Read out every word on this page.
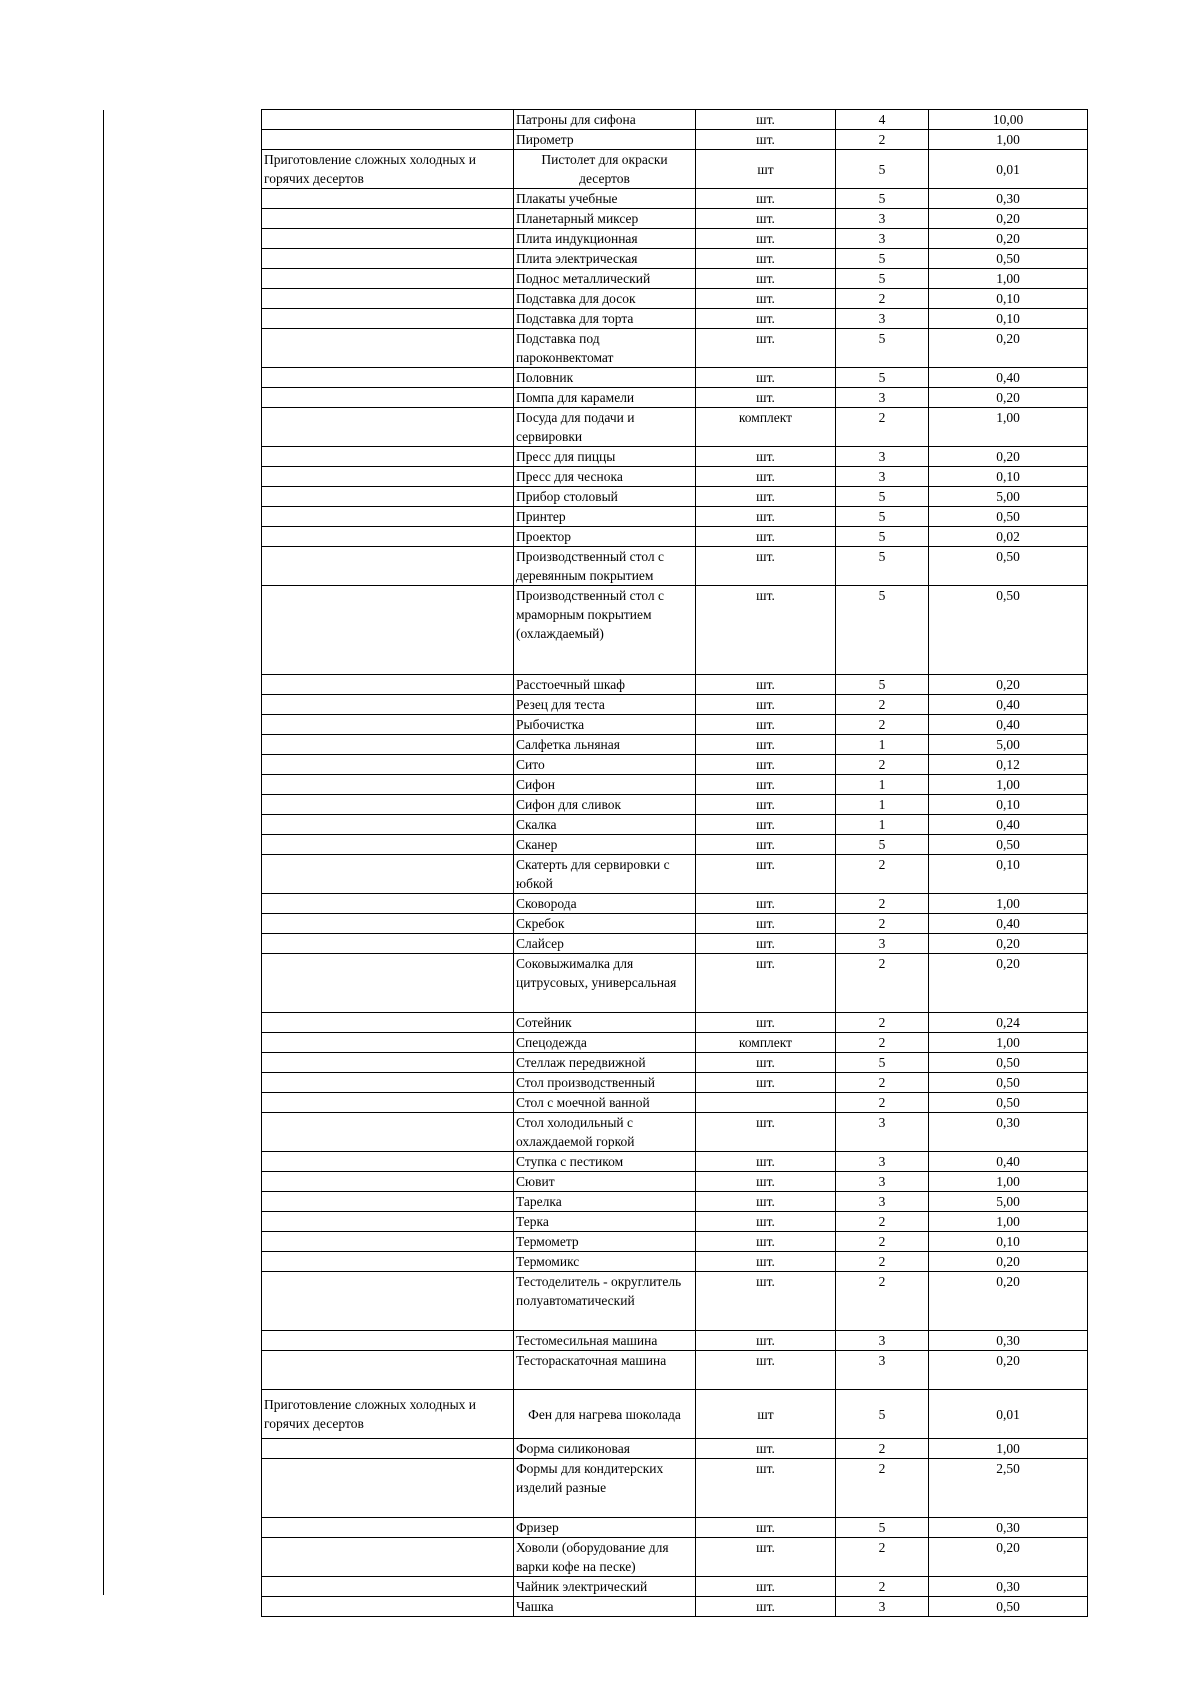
	Патроны для сифона	шт.	4	10,00
	Пирометр	шт.	2	1,00
Приготовление сложных холодных и горячих десертов	Пистолет для окраски десертов	шт	5	0,01
	Плакаты учебные	шт.	5	0,30
	Планетарный миксер	шт.	3	0,20
	Плита индукционная	шт.	3	0,20
	Плита электрическая	шт.	5	0,50
	Поднос металлический	шт.	5	1,00
	Подставка для досок	шт.	2	0,10
	Подставка для торта	шт.	3	0,10
	Подставка под пароконвектомат	шт.	5	0,20
	Половник	шт.	5	0,40
	Помпа для карамели	шт.	3	0,20
	Посуда для подачи и сервировки	комплект	2	1,00
	Пресс для пиццы	шт.	3	0,20
	Пресс для чеснока	шт.	3	0,10
	Прибор столовый	шт.	5	5,00
	Принтер	шт.	5	0,50
	Проектор	шт.	5	0,02
	Производственный стол с деревянным покрытием	шт.	5	0,50
	Производственный стол с мраморным покрытием (охлаждаемый)	шт.	5	0,50
	Расстоечный шкаф	шт.	5	0,20
	Резец для теста	шт.	2	0,40
	Рыбочистка	шт.	2	0,40
	Салфетка льняная	шт.	1	5,00
	Сито	шт.	2	0,12
	Сифон	шт.	1	1,00
	Сифон для сливок	шт.	1	0,10
	Скалка	шт.	1	0,40
	Сканер	шт.	5	0,50
	Скатерть для сервировки с юбкой	шт.	2	0,10
	Сковорода	шт.	2	1,00
	Скребок	шт.	2	0,40
	Слайсер	шт.	3	0,20
	Соковыжималка для цитрусовых, универсальная	шт.	2	0,20
	Сотейник	шт.	2	0,24
	Спецодежда	комплект	2	1,00
	Стеллаж передвижной	шт.	5	0,50
	Стол производственный	шт.	2	0,50
	Стол с моечной ванной		2	0,50
	Стол холодильный с охлаждаемой горкой	шт.	3	0,30
	Ступка с пестиком	шт.	3	0,40
	Сювит	шт.	3	1,00
	Тарелка	шт.	3	5,00
	Терка	шт.	2	1,00
	Термометр	шт.	2	0,10
	Термомикс	шт.	2	0,20
	Тестоделитель - округлитель полуавтоматический	шт.	2	0,20
	Тестомесильная машина	шт.	3	0,30
	Тестораскаточная машина	шт.	3	0,20
Приготовление сложных холодных и горячих десертов	Фен для нагрева шоколада	шт	5	0,01
	Форма силиконовая	шт.	2	1,00
	Формы для кондитерских изделий разные	шт.	2	2,50
	Фризер	шт.	5	0,30
	Ховоли (оборудование для варки кофе на песке)	шт.	2	0,20
	Чайник электрический	шт.	2	0,30
	Чашка	шт.	3	0,50
